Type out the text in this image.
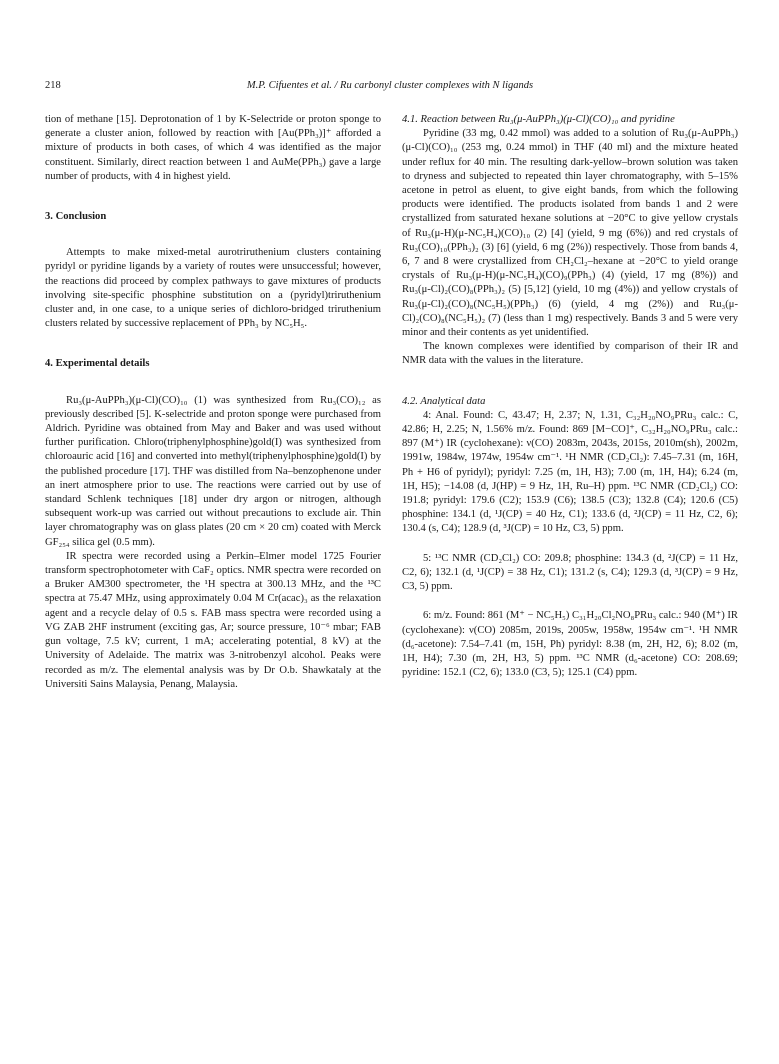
218	M.P. Cifuentes et al. / Ru carbonyl cluster complexes with N ligands

tion of methane [15]. Deprotonation of 1 by K-Selectride or proton sponge to generate a cluster anion, followed by reaction with [Au(PPh₃)]⁺ afforded a mixture of products in both cases, of which 4 was identified as the major constituent. Similarly, direct reaction between 1 and AuMe(PPh₃) gave a large number of products, with 4 in highest yield.

3. Conclusion

Attempts to make mixed-metal aurotriruthenium clusters containing pyridyl or pyridine ligands by a variety of routes were unsuccessful; however, the reactions did proceed by complex pathways to gave mixtures of products involving site-specific phosphine substitution on a (pyridyl)triruthenium cluster and, in one case, to a unique series of dichloro-bridged triruthenium clusters related by successive replacement of PPh₃ by NC₅H₅.

4. Experimental details

Ru₃(μ-AuPPh₃)(μ-Cl)(CO)₁₀ (1) was synthesized from Ru₃(CO)₁₂ as previously described [5]. K-selectride and proton sponge were purchased from Aldrich. Pyridine was obtained from May and Baker and was used without further purification. Chloro(triphenylphosphine)gold(I) was synthesized from chloroauric acid [16] and converted into methyl(triphenylphosphine)gold(I) by the published procedure [17]. THF was distilled from Na–benzophenone under an inert atmosphere prior to use. The reactions were carried out by use of standard Schlenk techniques [18] under dry argon or nitrogen, although subsequent work-up was carried out without precautions to exclude air. Thin layer chromatography was on glass plates (20 cm × 20 cm) coated with Merck GF₂₅₄ silica gel (0.5 mm).

IR spectra were recorded using a Perkin–Elmer model 1725 Fourier transform spectrophotometer with CaF₂ optics. NMR spectra were recorded on a Bruker AM300 spectrometer, the ¹H spectra at 300.13 MHz, and the ¹³C spectra at 75.47 MHz, using approximately 0.04 M Cr(acac)₃ as the relaxation agent and a recycle delay of 0.5 s. FAB mass spectra were recorded using a VG ZAB 2HF instrument (exciting gas, Ar; source pressure, 10⁻⁶ mbar; FAB gun voltage, 7.5 kV; current, 1 mA; accelerating potential, 8 kV) at the University of Adelaide. The matrix was 3-nitrobenzyl alcohol. Peaks were recorded as m/z. The elemental analysis was by Dr O.b. Shawkataly at the Universiti Sains Malaysia, Penang, Malaysia.

4.1. Reaction between Ru₃(μ-AuPPh₃)(μ-Cl)(CO)₁₀ and pyridine

Pyridine (33 mg, 0.42 mmol) was added to a solution of Ru₃(μ-AuPPh₃)(μ-Cl)(CO)₁₀ (253 mg, 0.24 mmol) in THF (40 ml) and the mixture heated under reflux for 40 min. The resulting dark-yellow–brown solution was taken to dryness and subjected to repeated thin layer chromatography, with 5–15% acetone in petrol as eluent, to give eight bands, from which the following products were identified. The products isolated from bands 1 and 2 were crystallized from saturated hexane solutions at −20°C to give yellow crystals of Ru₃(μ-H)(μ-NC₅H₄)(CO)₁₀ (2) [4] (yield, 9 mg (6%)) and red crystals of Ru₃(CO)₁₀(PPh₃)₂ (3) [6] (yield, 6 mg (2%)) respectively. Those from bands 4, 6, 7 and 8 were crystallized from CH₂Cl₂–hexane at −20°C to yield orange crystals of Ru₃(μ-H)(μ-NC₅H₄)(CO)₉(PPh₃) (4) (yield, 17 mg (8%)) and Ru₃(μ-Cl)₂(CO)₈(PPh₃)₂ (5) [5,12] (yield, 10 mg (4%)) and yellow crystals of Ru₃(μ-Cl)₂(CO)₈(NC₅H₅)(PPh₃) (6) (yield, 4 mg (2%)) and Ru₃(μ-Cl)₂(CO)₈(NC₅H₅)₂ (7) (less than 1 mg) respectively. Bands 3 and 5 were very minor and their contents as yet unidentified.

The known complexes were identified by comparison of their IR and NMR data with the values in the literature.

4.2. Analytical data

4: Anal. Found: C, 43.47; H, 2.37; N, 1.31, C₃₂H₂₀NO₉PRu₃ calc.: C, 42.86; H, 2.25; N, 1.56% m/z. Found: 869 [M−CO]⁺, C₃₂H₂₀NO₉PRu₃ calc.: 897 (M⁺) IR (cyclohexane): ν(CO) 2083m, 2043s, 2015s, 2010m(sh), 2002m, 1991w, 1984w, 1974w, 1954w cm⁻¹. ¹H NMR (CD₂Cl₂): 7.45–7.31 (m, 16H, Ph + H6 of pyridyl); pyridyl: 7.25 (m, 1H, H3); 7.00 (m, 1H, H4); 6.24 (m, 1H, H5); −14.08 (d, J(HP) = 9 Hz, 1H, Ru–H) ppm. ¹³C NMR (CD₂Cl₂) CO: 191.8; pyridyl: 179.6 (C2); 153.9 (C6); 138.5 (C3); 132.8 (C4); 120.6 (C5) phosphine: 134.1 (d, ¹J(CP) = 40 Hz, C1); 133.6 (d, ²J(CP) = 11 Hz, C2, 6); 130.4 (s, C4); 128.9 (d, ³J(CP) = 10 Hz, C3, 5) ppm.

5: ¹³C NMR (CD₂Cl₂) CO: 209.8; phosphine: 134.3 (d, ²J(CP) = 11 Hz, C2, 6); 132.1 (d, ¹J(CP) = 38 Hz, C1); 131.2 (s, C4); 129.3 (d, ³J(CP) = 9 Hz, C3, 5) ppm.

6: m/z. Found: 861 (M⁺ − NC₅H₅) C₃₁H₂₀Cl₂NO₈PRu₃ calc.: 940 (M⁺) IR (cyclohexane): ν(CO) 2085m, 2019s, 2005w, 1958w, 1954w cm⁻¹. ¹H NMR (d₆-acetone): 7.54–7.41 (m, 15H, Ph) pyridyl: 8.38 (m, 2H, H2, 6); 8.02 (m, 1H, H4); 7.30 (m, 2H, H3, 5) ppm. ¹³C NMR (d₆-acetone) CO: 208.69; pyridine: 152.1 (C2, 6); 133.0 (C3, 5); 125.1 (C4) ppm.
